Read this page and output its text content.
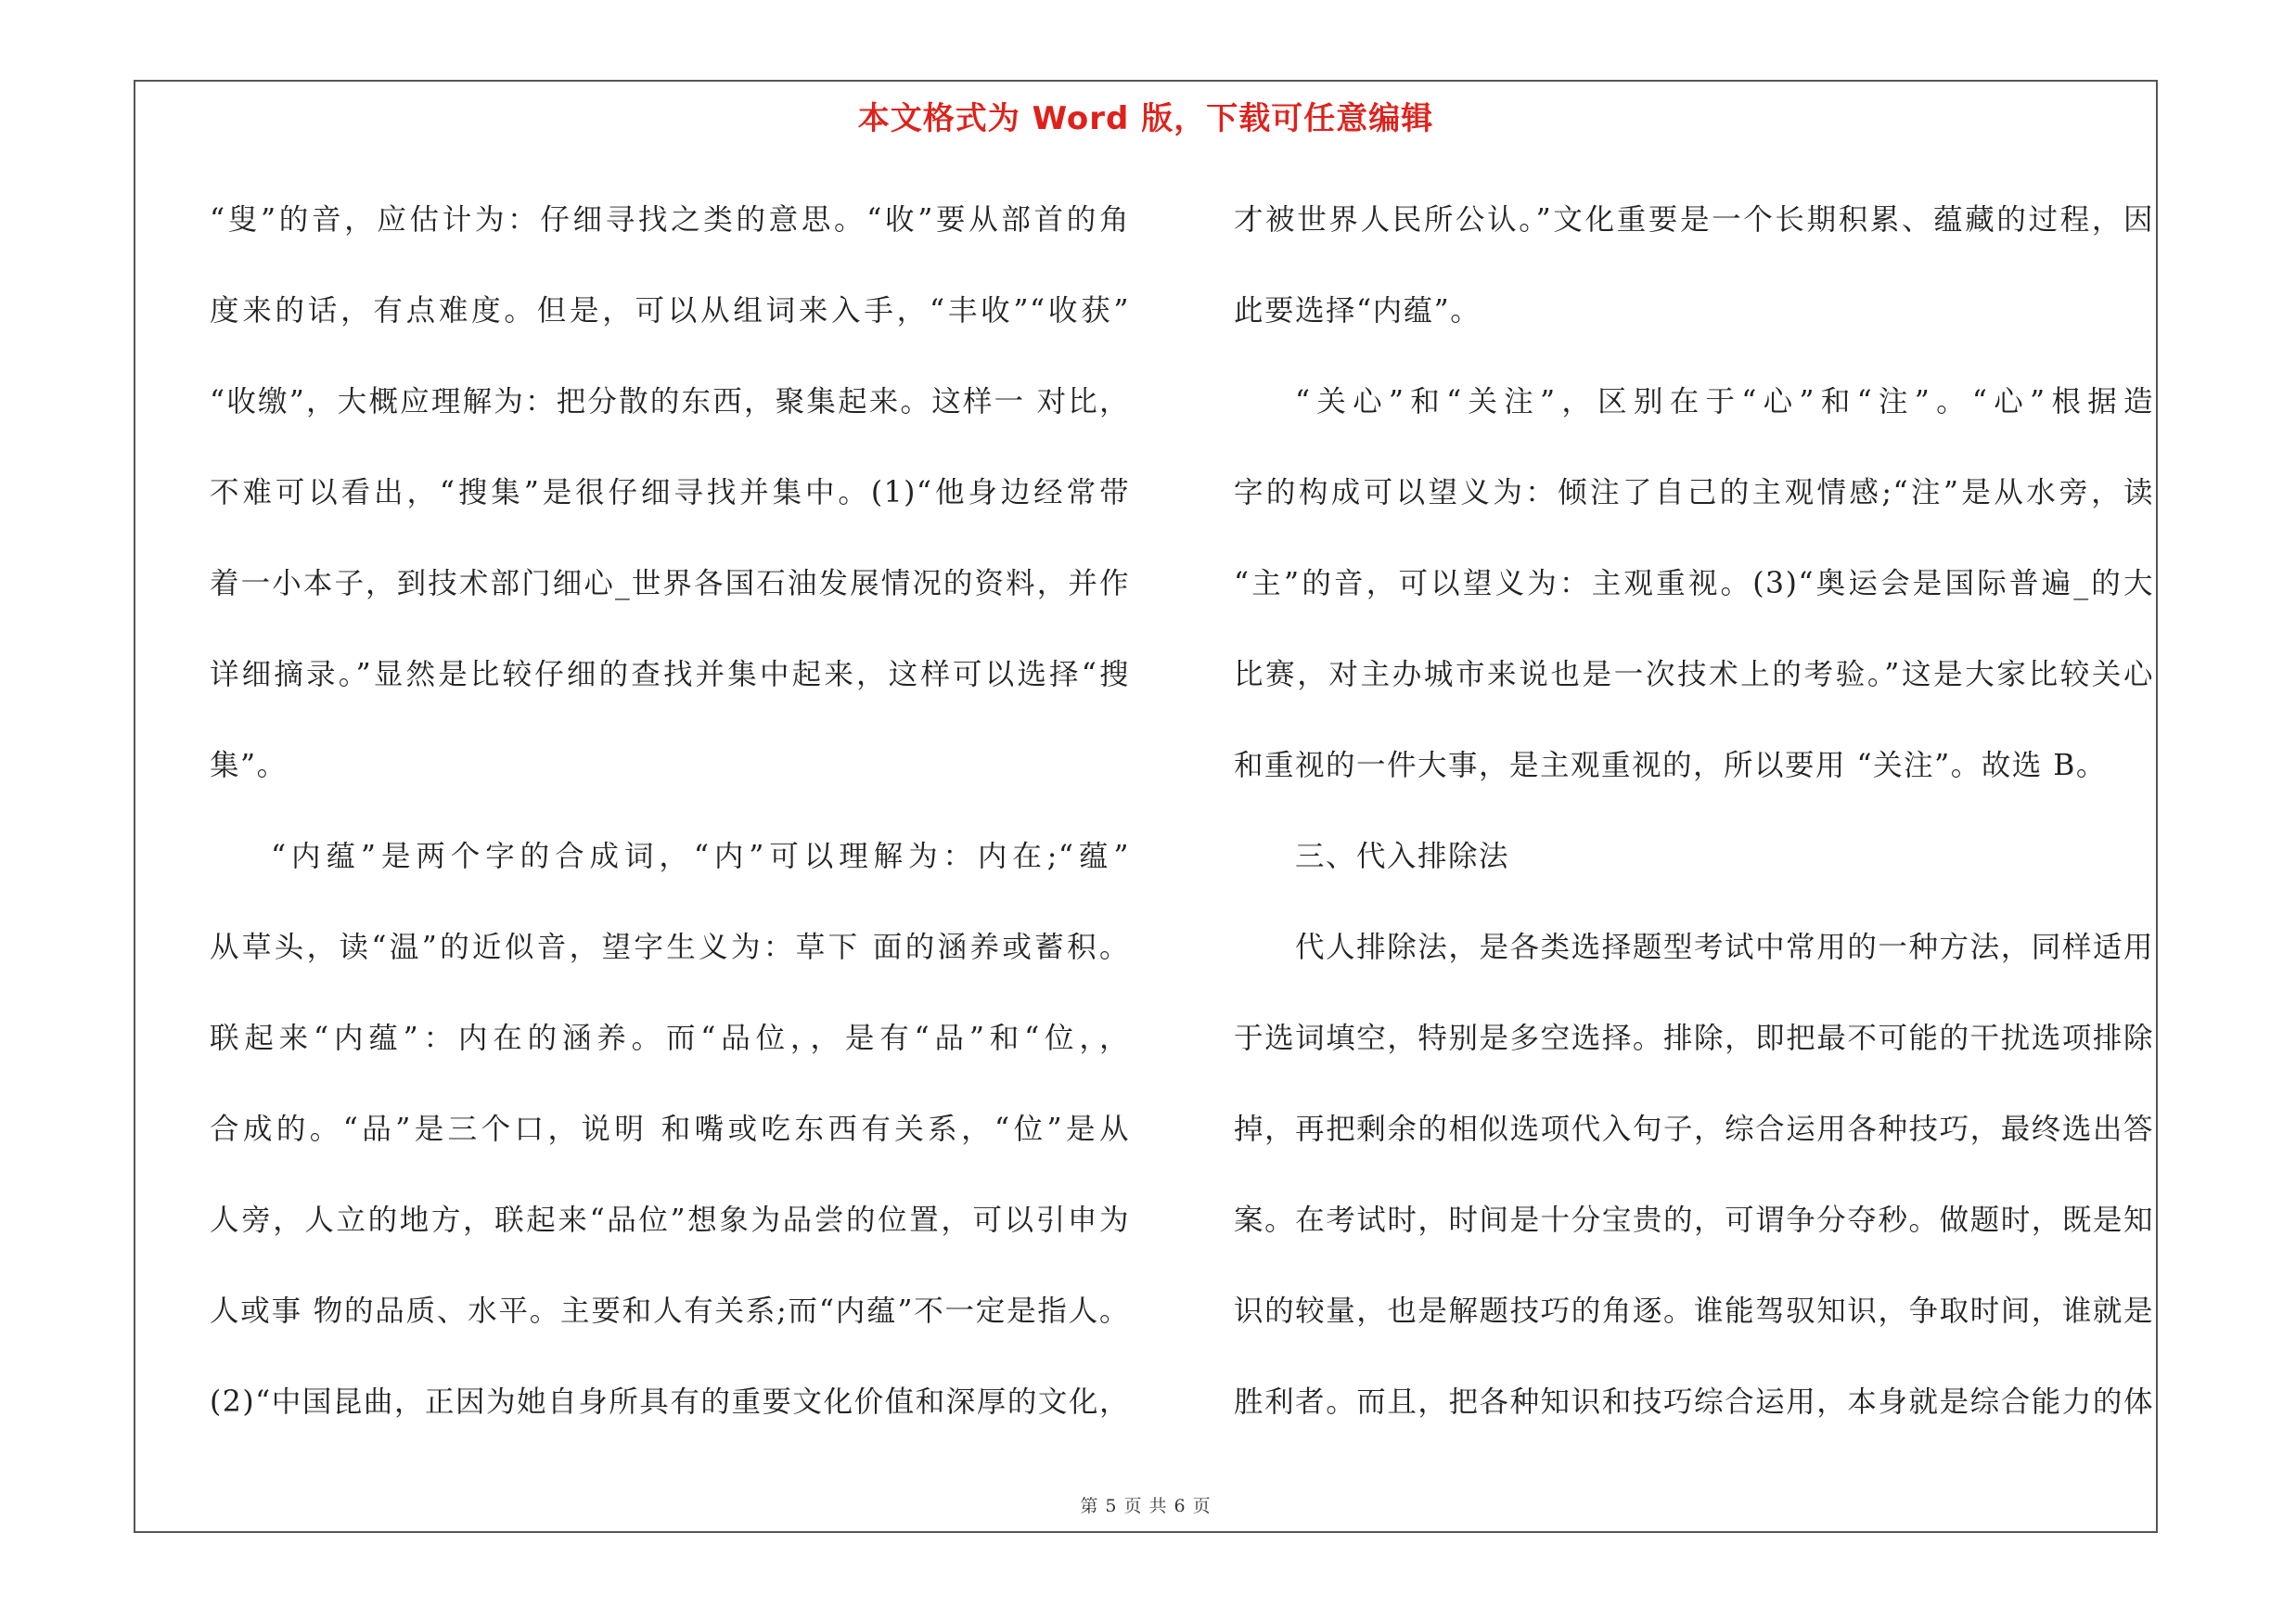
本文格式为 Word 版，下载可任意编辑
“叟”的音，应估计为：仔细寻找之类的意思。“收”要从部首的角
度来的话，有点难度。但是，可以从组词来入手，“丰收”“收获”
“收缴”，大概应理解为：把分散的东西，聚集起来。这样一 对比，
不难可以看出，“搜集”是很仔细寻找并集中。(1)“他身边经常带
着一小本子，到技术部门细心_世界各国石油发展情况的资料，并作
详细摘录。”显然是比较仔细的查找并集中起来，这样可以选择“搜
集”。
“内蕴”是两个字的合成词，“内”可以理解为：内在;“蕴”
从草头，读“温”的近似音，望字生义为：草下 面的涵养或蓄积。
联起来“内蕴”：内在的涵养。而“品位，，是有“品”和“位，，
合成的。“品”是三个口，说明 和嘴或吃东西有关系，“位”是从
人旁，人立的地方，联起来“品位”想象为品尝的位置，可以引申为
人或事 物的品质、水平。主要和人有关系;而“内蕴”不一定是指人。
(2)“中国昆曲，正因为她自身所具有的重要文化价值和深厚的文化，
才被世界人民所公认。”文化重要是一个长期积累、蕴藏的过程，因
此要选择“内蕴”。
“关心”和“关注”，区别在于“心”和“注”。“心”根据造
字的构成可以望义为：倾注了自己的主观情感;“注”是从水旁，读
“主”的音，可以望义为：主观重视。(3)“奥运会是国际普遍_的大
比赛，对主办城市来说也是一次技术上的考验。”这是大家比较关心
和重视的一件大事，是主观重视的，所以要用 “关注”。故选 B。
三、代入排除法
代人排除法，是各类选择题型考试中常用的一种方法，同样适用
于选词填空，特别是多空选择。排除，即把最不可能的干扰选项排除
掉，再把剩余的相似选项代入句子，综合运用各种技巧，最终选出答
案。在考试时，时间是十分宝贵的，可谓争分夺秒。做题时，既是知
识的较量，也是解题技巧的角逐。谁能驾驭知识，争取时间，谁就是
胜利者。而且，把各种知识和技巧综合运用，本身就是综合能力的体
第 5 页 共 6 页
